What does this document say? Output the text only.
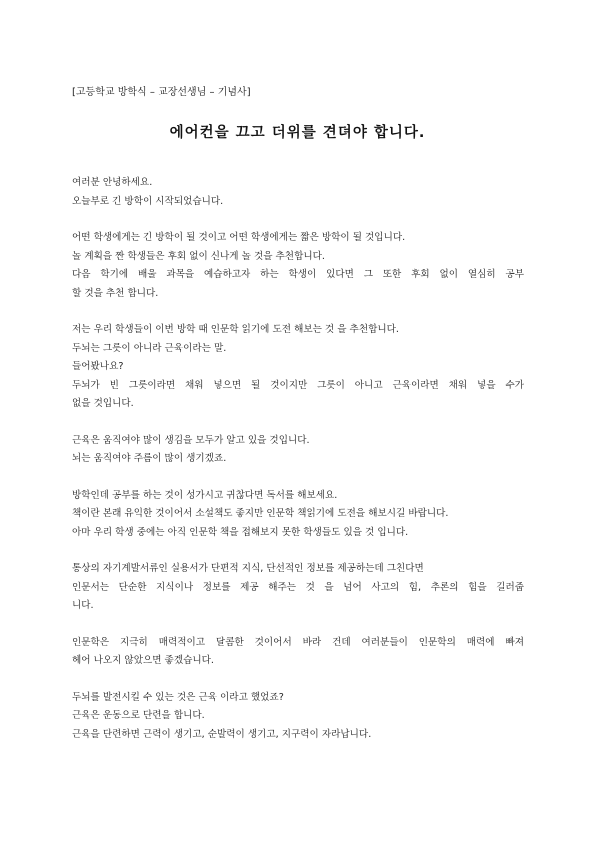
[고등학교 방학식 – 교장선생님 – 기념사]
에어컨을 끄고 더위를 견뎌야 합니다.
여러분 안녕하세요.
오늘부로 긴 방학이 시작되었습니다.
어떤 학생에게는 긴 방학이 될 것이고 어떤 학생에게는 짧은 방학이 될 것입니다.
놀 계획을 짠 학생들은 후회 없이 신나게 놀 것을 추천합니다.
다음 학기에 배울 과목을 예습하고자 하는 학생이 있다면 그 또한 후회 없이 열심히 공부
할 것을 추천 합니다.
저는 우리 학생들이 이번 방학 때 인문학 읽기에 도전 해보는 것 을 추천합니다.
두뇌는 그릇이 아니라 근육이라는 말.
들어봤나요?
두뇌가 빈 그릇이라면 채워 넣으면 될 것이지만 그릇이 아니고 근육이라면 채워 넣을 수가
없을 것입니다.
근육은 움직여야 많이 생김을 모두가 알고 있을 것입니다.
뇌는 움직여야 주름이 많이 생기겠죠.
방학인데 공부를 하는 것이 성가시고 귀찮다면 독서를 해보세요.
책이란 본래 유익한 것이어서 소설책도 좋지만 인문학 책읽기에 도전을 해보시길 바랍니다.
아마 우리 학생 중에는 아직 인문학 책을 접해보지 못한 학생들도 있을 것 입니다.
통상의 자기계발서류인 실용서가 단편적 지식, 단선적인 정보를 제공하는데 그친다면
인문서는 단순한 지식이나 정보를 제공 해주는 것 을 넘어 사고의 힘, 추론의 힘을 길러줍
니다.
인문학은 지극히 매력적이고 달콤한 것이어서 바라 건데 여러분들이 인문학의 매력에 빠져
헤어 나오지 않았으면 좋겠습니다.
두뇌를 발전시킬 수 있는 것은 근육 이라고 했었죠?
근육은 운동으로 단련을 합니다.
근육을 단련하면 근력이 생기고, 순발력이 생기고, 지구력이 자라납니다.
